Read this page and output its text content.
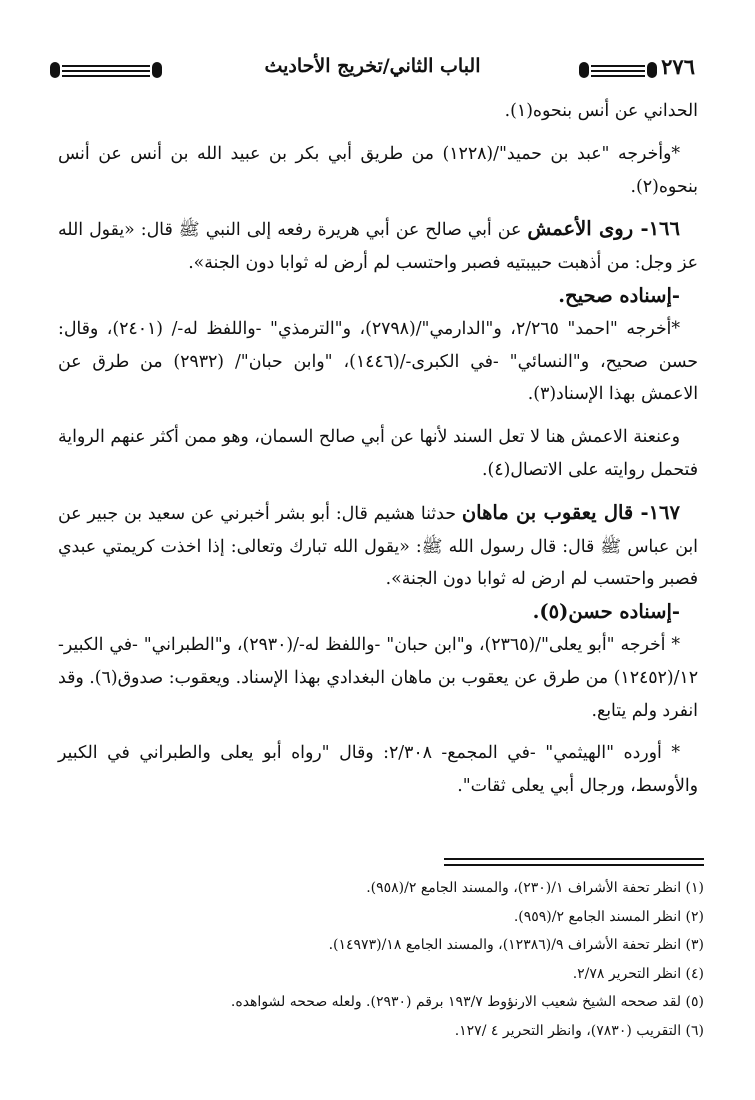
٢٧٦
الباب الثاني/تخريج الأحاديث

الحداني عن أنس بنحوه(١).

*وأخرجه "عبد بن حميد"/(١٢٢٨) من طريق أبي بكر بن عبيد الله بن أنس عن أنس بنحوه(٢).

١٦٦- روى الأعمش عن أبي صالح عن أبي هريرة رفعه إلى النبي ﷺ قال: «يقول الله عز وجل: من أذهبت حبيبتيه فصبر واحتسب لم أرض له ثوابا دون الجنة».

-إسناده صحيح.

*أخرجه "احمد" ٢/٢٦٥، و"الدارمي"/(٢٧٩٨)، و"الترمذي" -واللفظ له-/ (٢٤٠١)، وقال: حسن صحيح، و"النسائي" -في الكبرى-/(١٤٤٦)، "وابن حبان"/ (٢٩٣٢) من طرق عن الاعمش بهذا الإسناد(٣).

وعنعنة الاعمش هنا لا تعل السند لأنها عن أبي صالح السمان، وهو ممن أكثر عنهم الرواية فتحمل روايته على الاتصال(٤).

١٦٧- قال يعقوب بن ماهان حدثنا هشيم قال: أبو بشر أخبرني عن سعيد بن جبير عن ابن عباس ﷺ قال: قال رسول الله ﷺ: «يقول الله تبارك وتعالى: إذا اخذت كريمتي عبدي فصبر واحتسب لم ارض له ثوابا دون الجنة».

-إسناده حسن(٥).

* أخرجه "أبو يعلى"/(٢٣٦٥)، و"ابن حبان" -واللفظ له-/(٢٩٣٠)، و"الطبراني" -في الكبير- ١٢/(١٢٤٥٢) من طرق عن يعقوب بن ماهان البغدادي بهذا الإسناد. ويعقوب: صدوق(٦). وقد انفرد ولم يتابع.

* أورده "الهيثمي" -في المجمع- ٢/٣٠٨: وقال "رواه أبو يعلى والطبراني في الكبير والأوسط، ورجال أبي يعلى ثقات".

(١) انظر تحفة الأشراف ١/(٢٣٠)، والمسند الجامع ٢/(٩٥٨).
(٢) انظر المسند الجامع ٢/(٩٥٩).
(٣) انظر تحفة الأشراف ٩/(١٢٣٨٦)، والمسند الجامع ١٨/(١٤٩٧٣).
(٤) انظر التحرير ٢/٧٨.
(٥) لقد صححه الشيخ شعيب الارنؤوط ١٩٣/٧ برقم (٢٩٣٠). ولعله صححه لشواهده.
(٦) التقريب (٧٨٣٠)، وانظر التحرير ٤ /١٢٧.
